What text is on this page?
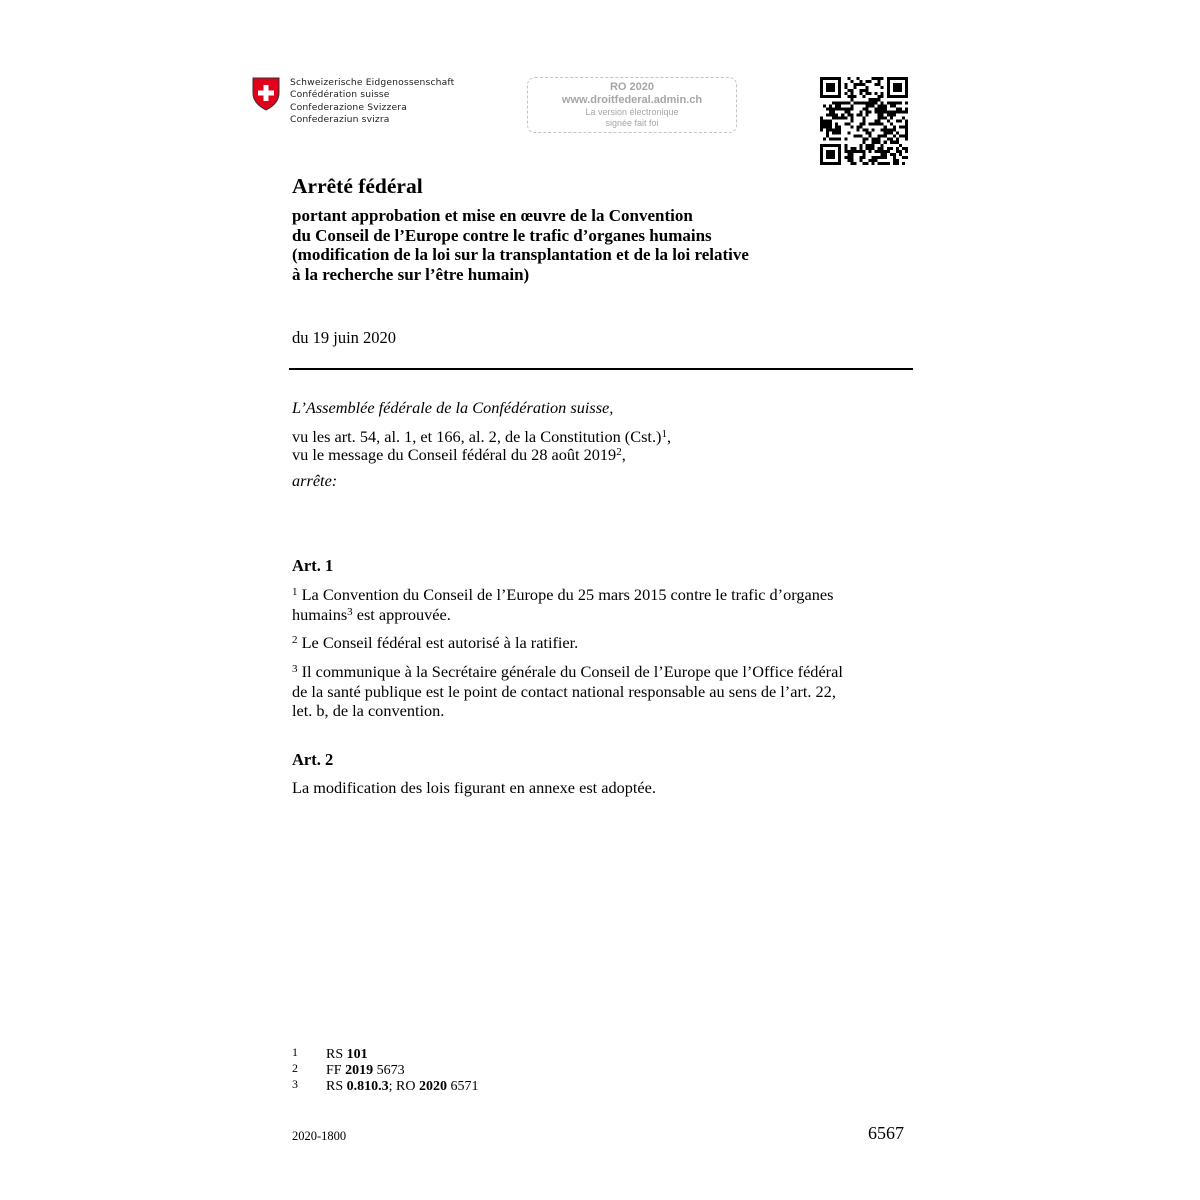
Schweizerische Eidgenossenschaft
Confédération suisse
Confederazione Svizzera
Confederaziun svizra
RO 2020
www.droitfederal.admin.ch
La version électronique
signée fait foi
Arrêté fédéral
portant approbation et mise en œuvre de la Convention
du Conseil de l’Europe contre le trafic d’organes humains
(modification de la loi sur la transplantation et de la loi relative
à la recherche sur l’être humain)
du 19 juin 2020
L’Assemblée fédérale de la Confédération suisse,
vu les art. 54, al. 1, et 166, al. 2, de la Constitution $(Cst.)^1$,
vu le message du Conseil fédéral du 28 août 2019$^2$,
arrête:
Art. 1
$^1$ La Convention du Conseil de l’Europe du 25 mars 2015 contre le trafic d’organes
humains$^3$ est approuvée.
$^2$ Le Conseil fédéral est autorisé à la ratifier.
$^3$ Il communique à la Secrétaire générale du Conseil de l’Europe que l’Office fédéral
de la santé publique est le point de contact national responsable au sens de l’art. 22,
let. b, de la convention.
Art. 2
La modification des lois figurant en annexe est adoptée.
1 RS 101
2 FF 2019 5673
3 RS 0.810.3; RO 2020 6571
2020-1800	6567
